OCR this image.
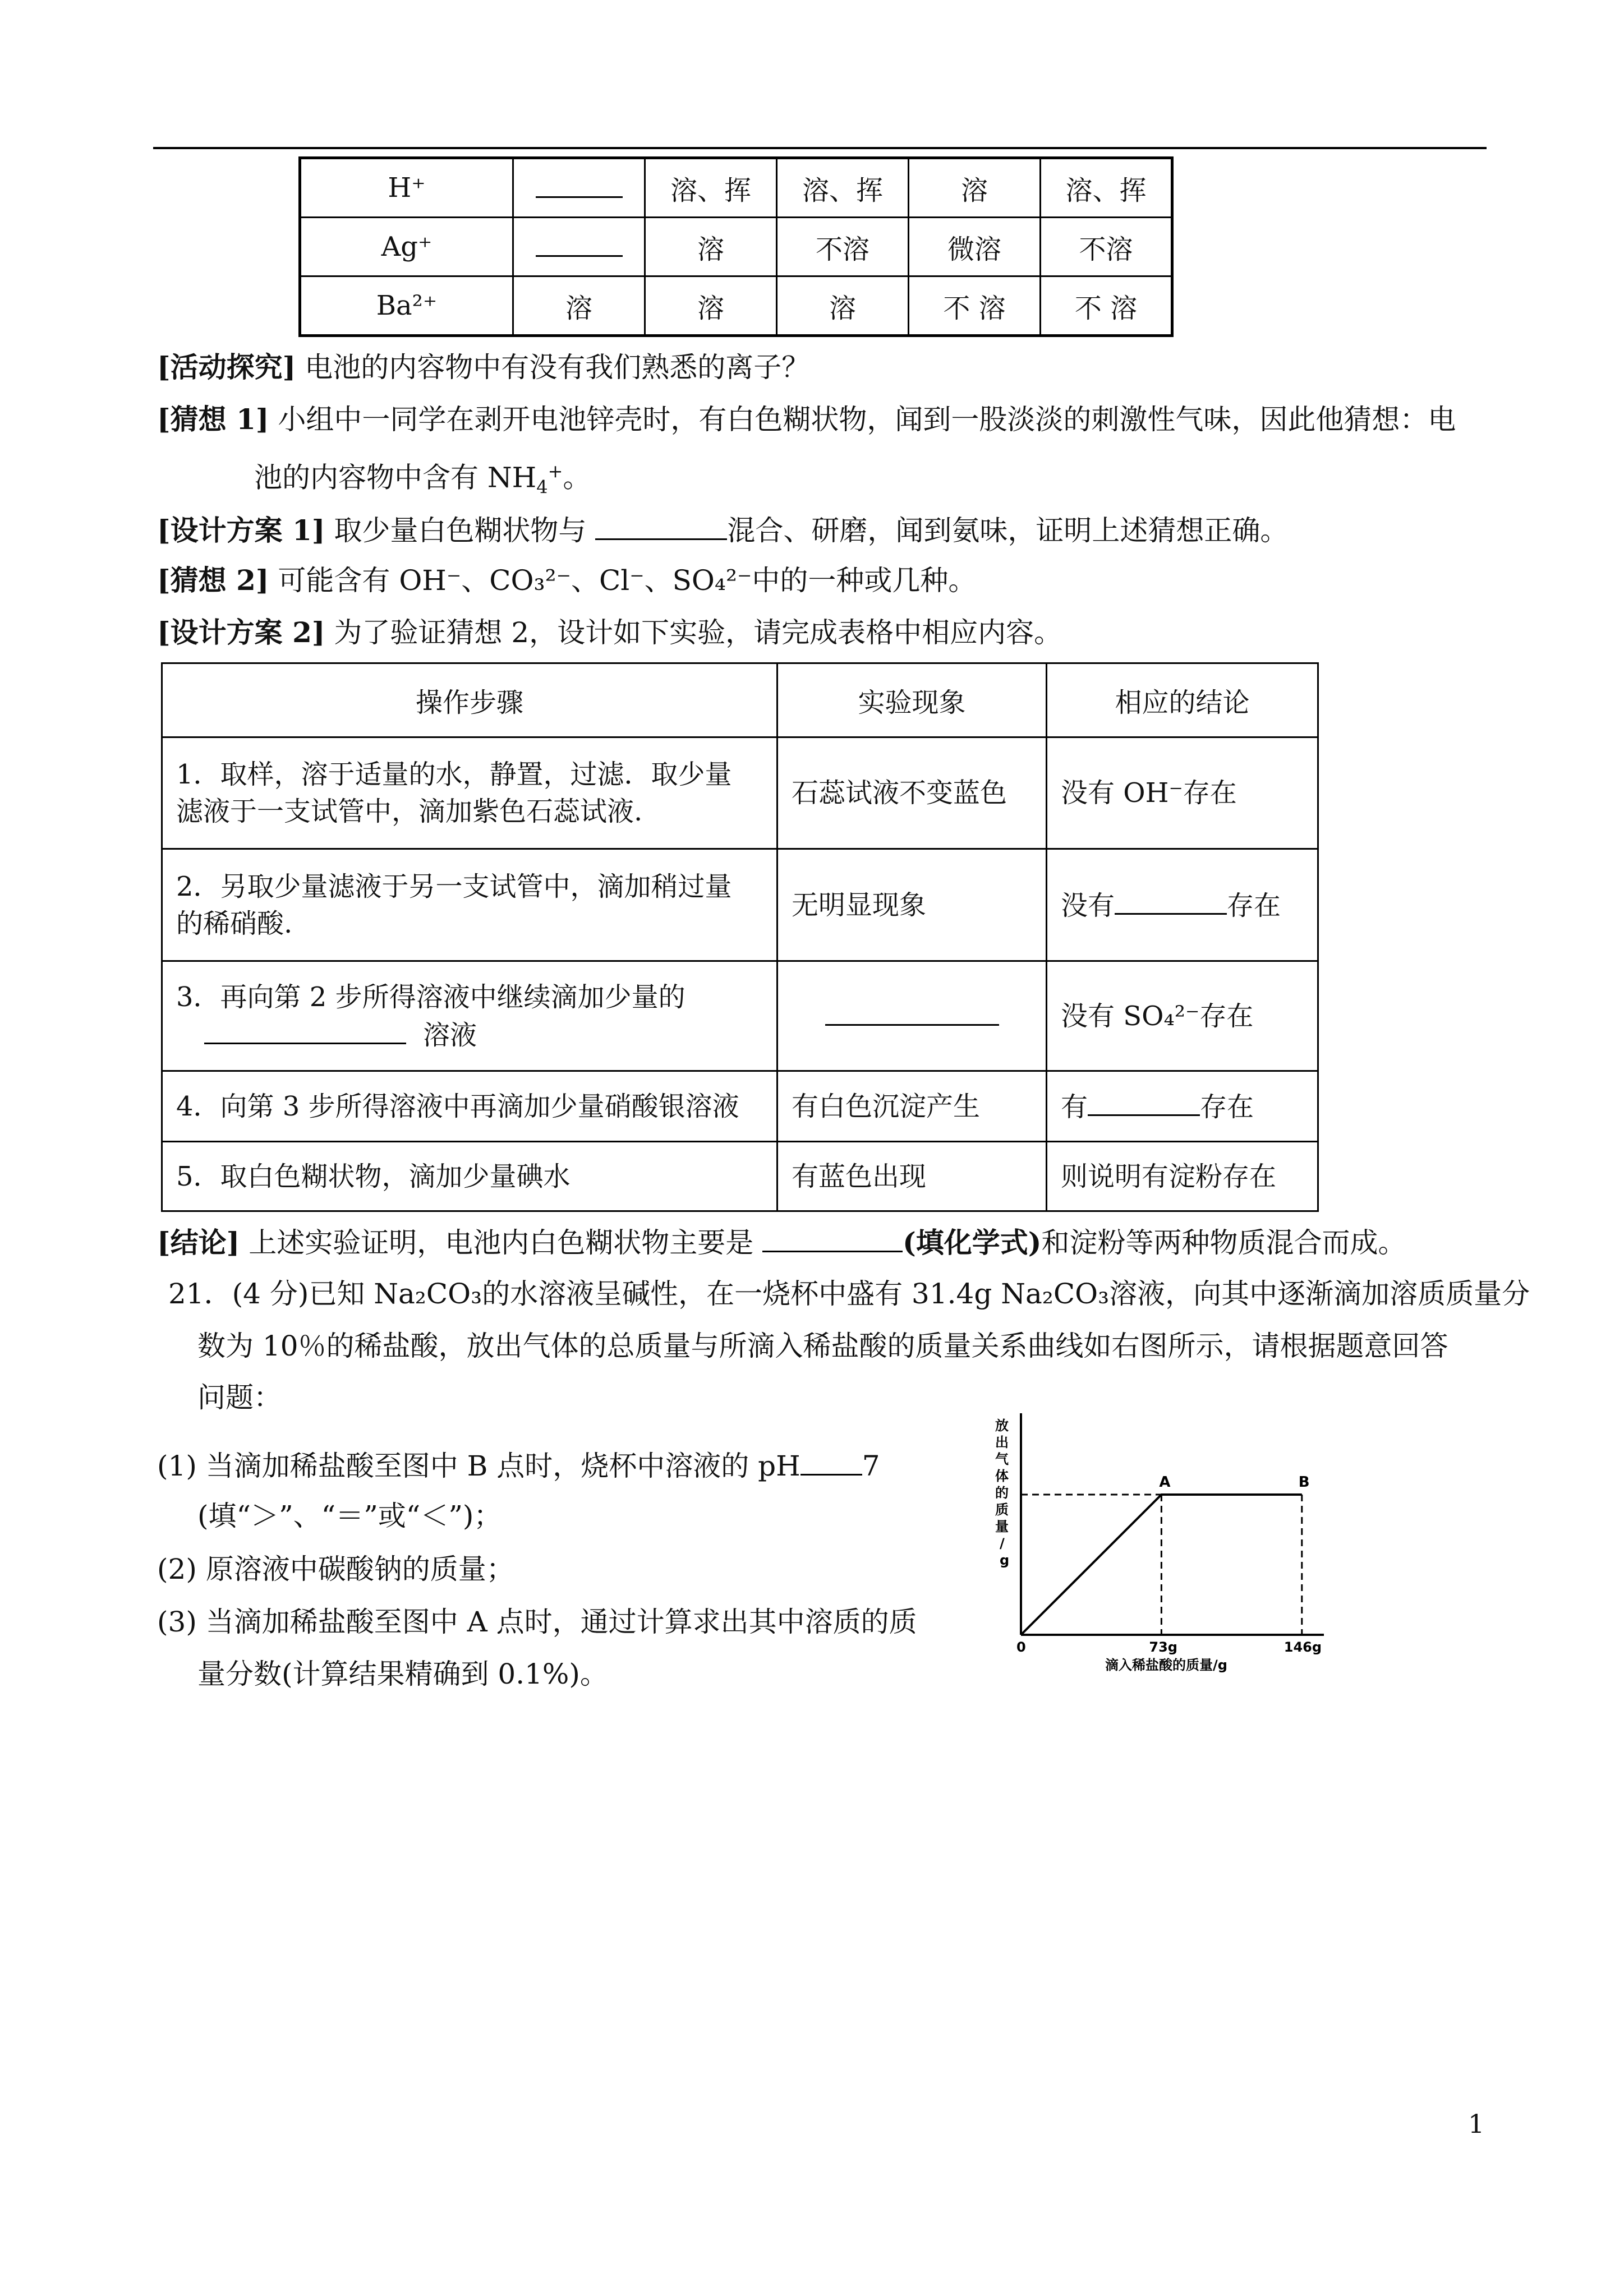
H⁺		溶、挥	溶、挥	溶	溶、挥
Ag⁺		溶	不溶	微溶	不溶
Ba²⁺	溶	溶	溶	不 溶	不 溶
[活动探究] 电池的内容物中有没有我们熟悉的离子？
[猜想 1] 小组中一同学在剥开电池锌壳时，有白色糊状物，闻到一股淡淡的刺激性气味，因此他猜想：电
池的内容物中含有 $NH_4^+$。
[设计方案 1] 取少量白色糊状物与	混合、研磨，闻到氨味，证明上述猜想正确。
[猜想 2] 可能含有 OH⁻、CO₃²⁻、Cl⁻、SO₄²⁻中的一种或几种。
[设计方案 2] 为了验证猜想 2，设计如下实验，请完成表格中相应内容。
操作步骤	实验现象	相应的结论

1．取样，溶于适量的水，静置，过滤．取少量
滤液于一支试管中，滴加紫色石蕊试液.	石蕊试液不变蓝色	没有 OH⁻存在

2．另取少量滤液于另一支试管中，滴加稍过量
的稀硝酸.	无明显现象	没有 存在

3．再向第 2 步所得溶液中继续滴加少量的
溶液		没有 SO₄²⁻存在

4．向第 3 步所得溶液中再滴加少量硝酸银溶液	有白色沉淀产生	有 存在

5．取白色糊状物，滴加少量碘水	有蓝色出现	则说明有淀粉存在
[结论] 上述实验证明，电池内白色糊状物主要是	(填化学式)和淀粉等两种物质混合而成。
21．(4 分)已知 Na₂CO₃的水溶液呈碱性，在一烧杯中盛有 31.4g Na₂CO₃溶液，向其中逐渐滴加溶质质量分
数为 10％的稀盐酸，放出气体的总质量与所滴入稀盐酸的质量关系曲线如右图所示，请根据题意回答
问题：
(1) 当滴加稀盐酸至图中 B 点时，烧杯中溶液的 pH 7
(填“＞”、“＝”或“＜”)；
(2) 原溶液中碳酸钠的质量；
(3) 当滴加稀盐酸至图中 A 点时，通过计算求出其中溶质的质
量分数(计算结果精确到 0.1%)。
放出气体的质量/ g
A	B
0	73g	146g
滴入稀盐酸的质量/g
1
